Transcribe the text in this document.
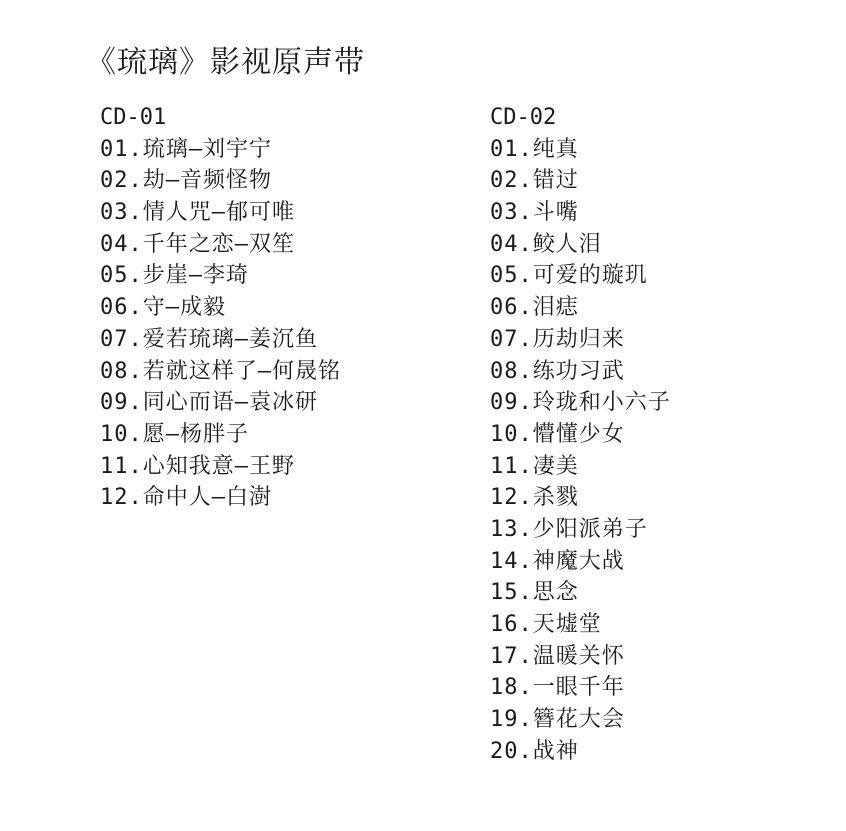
《琉璃》影视原声带
CD-01
01.琉璃—刘宇宁
02.劫—音频怪物
03.情人咒—郁可唯
04.千年之恋—双笙
05.步崖—李琦
06.守—成毅
07.爱若琉璃—姜沉鱼
08.若就这样了—何晟铭
09.同心而语—袁冰研
10.愿—杨胖子
11.心知我意—王野
12.命中人—白澍
CD-02
01.纯真
02.错过
03.斗嘴
04.鲛人泪
05.可爱的璇玑
06.泪痣
07.历劫归来
08.练功习武
09.玲珑和小六子
10.懵懂少女
11.凄美
12.杀戮
13.少阳派弟子
14.神魔大战
15.思念
16.天墟堂
17.温暖关怀
18.一眼千年
19.簪花大会
20.战神
